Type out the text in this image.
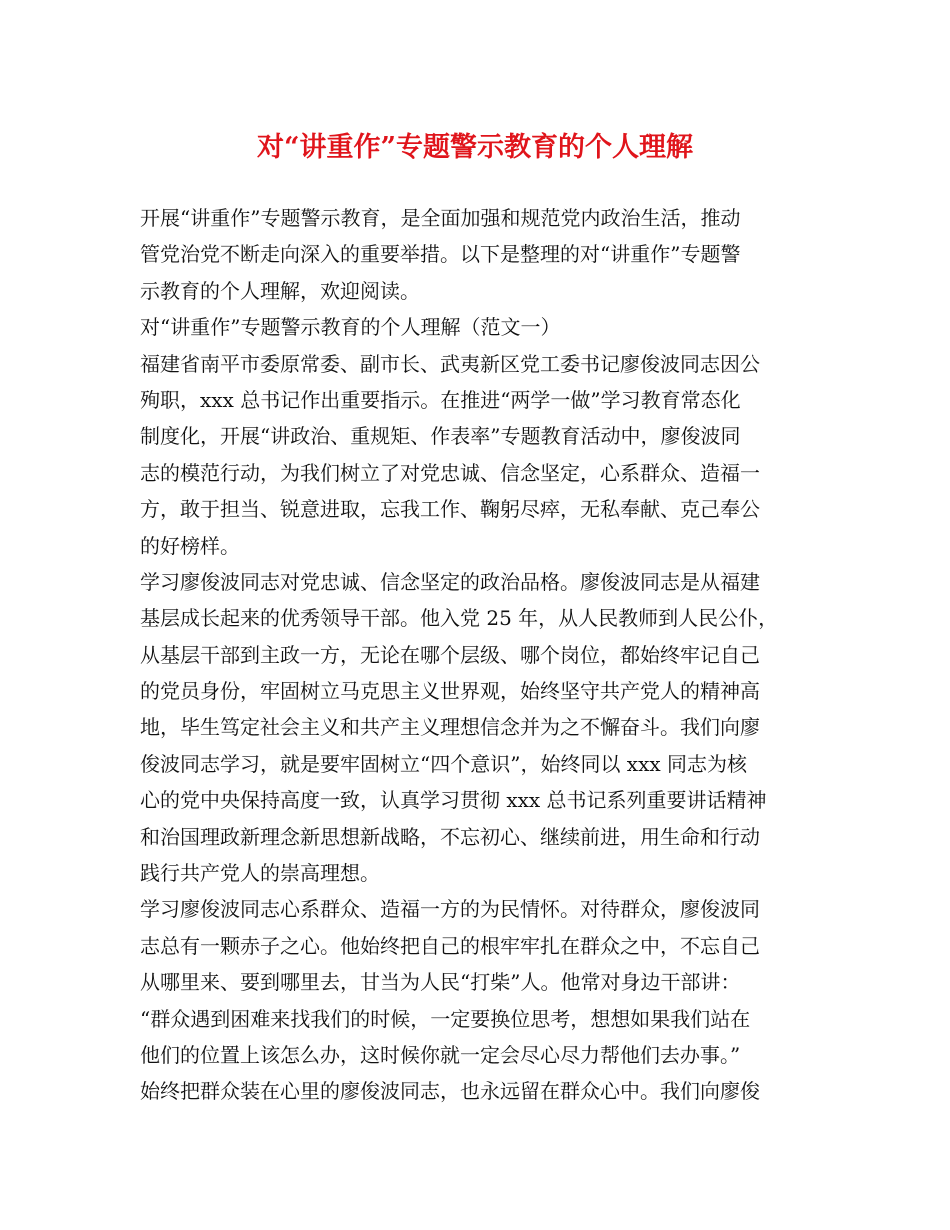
对“讲重作”专题警示教育的个人理解
开展“讲重作”专题警示教育，是全面加强和规范党内政治生活，推动
管党治党不断走向深入的重要举措。以下是整理的对“讲重作”专题警
示教育的个人理解，欢迎阅读。
对“讲重作”专题警示教育的个人理解（范文一）
福建省南平市委原常委、副市长、武夷新区党工委书记廖俊波同志因公
殉职，xxx 总书记作出重要指示。在推进“两学一做”学习教育常态化
制度化，开展“讲政治、重规矩、作表率”专题教育活动中，廖俊波同
志的模范行动，为我们树立了对党忠诚、信念坚定，心系群众、造福一
方，敢于担当、锐意进取，忘我工作、鞠躬尽瘁，无私奉献、克己奉公
的好榜样。
学习廖俊波同志对党忠诚、信念坚定的政治品格。廖俊波同志是从福建
基层成长起来的优秀领导干部。他入党 25 年，从人民教师到人民公仆，
从基层干部到主政一方，无论在哪个层级、哪个岗位，都始终牢记自己
的党员身份，牢固树立马克思主义世界观，始终坚守共产党人的精神高
地，毕生笃定社会主义和共产主义理想信念并为之不懈奋斗。我们向廖
俊波同志学习，就是要牢固树立“四个意识”，始终同以 xxx 同志为核
心的党中央保持高度一致，认真学习贯彻 xxx 总书记系列重要讲话精神
和治国理政新理念新思想新战略，不忘初心、继续前进，用生命和行动
践行共产党人的崇高理想。
学习廖俊波同志心系群众、造福一方的为民情怀。对待群众，廖俊波同
志总有一颗赤子之心。他始终把自己的根牢牢扎在群众之中，不忘自己
从哪里来、要到哪里去，甘当为人民“打柴”人。他常对身边干部讲：
“群众遇到困难来找我们的时候，一定要换位思考，想想如果我们站在
他们的位置上该怎么办，这时候你就一定会尽心尽力帮他们去办事。”
始终把群众装在心里的廖俊波同志，也永远留在群众心中。我们向廖俊
